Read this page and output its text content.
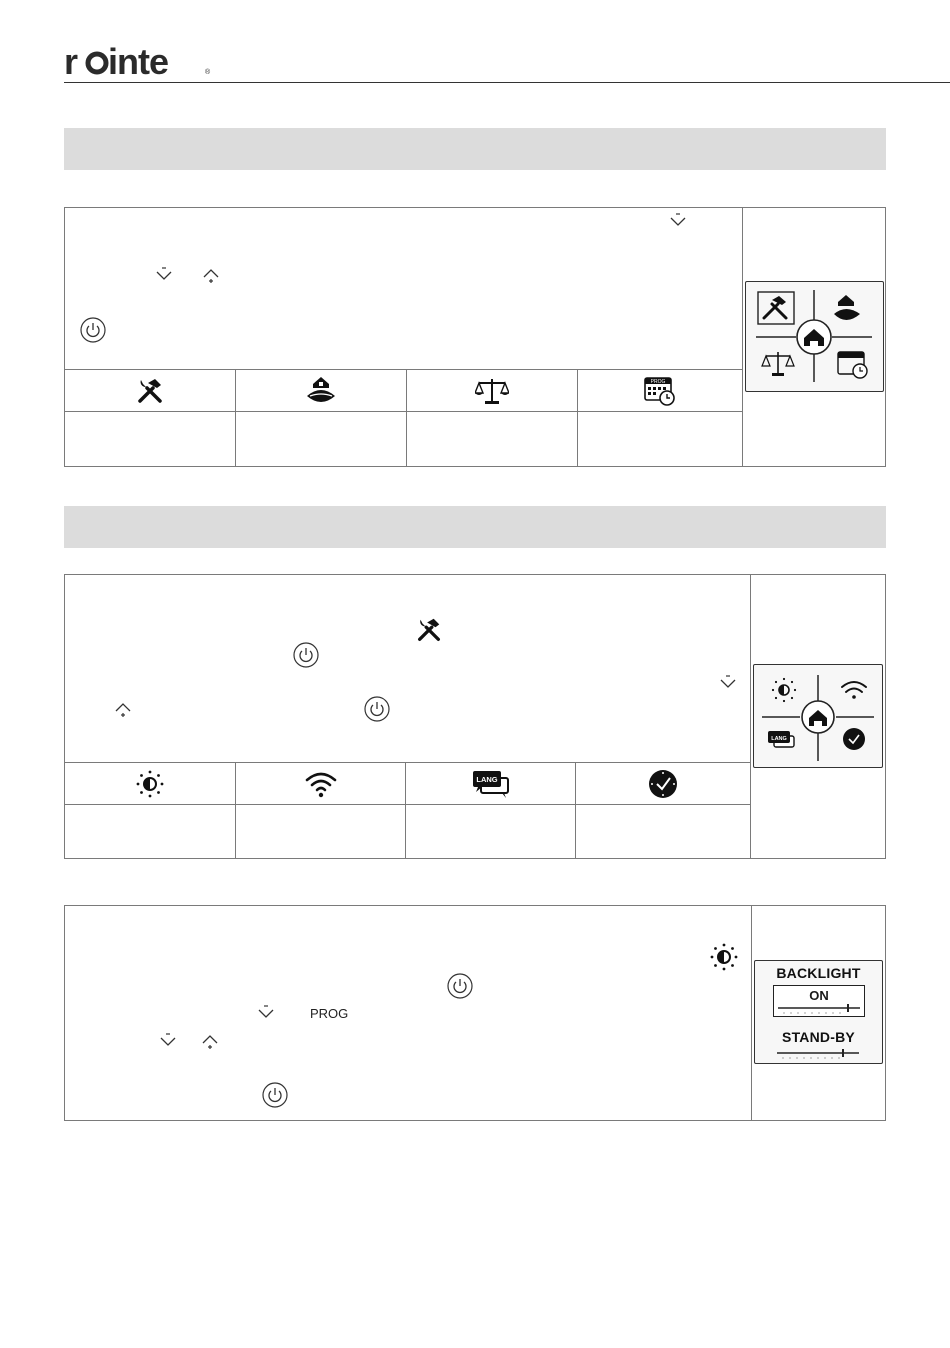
r inte	®
PROG
LANG
LANG
PROG
BACKLIGHT
ON
STAND-BY
